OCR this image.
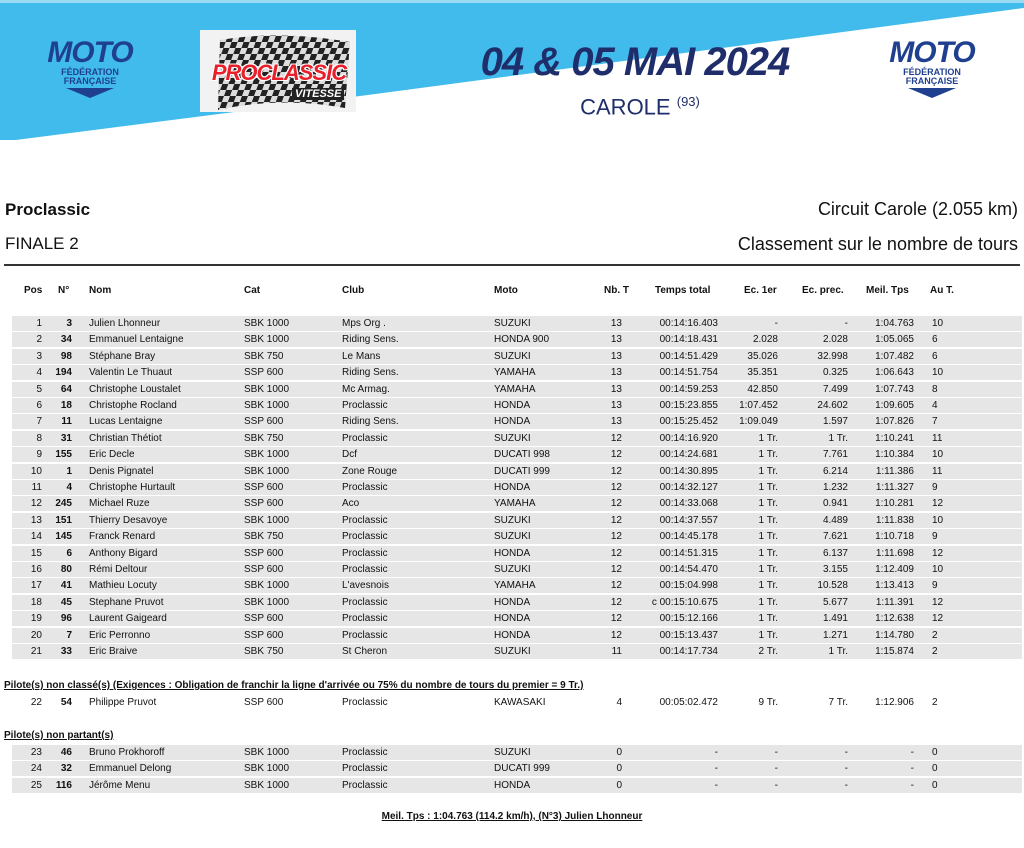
MOTO
FÉDÉRATION
FRANÇAISE	PROCLASSIC
VITESSE
04 & 05 MAI 2024
CAROLE $^{(93)}$
MOTO
FÉDÉRATION
FRANÇAISE
Proclassic
FINALE 2
Circuit Carole (2.055 km)
Classement sur le nombre de tours
Pos N° Nom	Cat	Club	Moto	Nb. T	Temps total	Ec. 1er	Ec. prec. Meil. Tps Au T.
1	3 Julien Lhonneur	SBK 1000	Mps Org .	SUZUKI	13	00:14:16.403	-	-	1:04.763 10
2	34 Emmanuel Lentaigne	SBK 1000	Riding Sens.	HONDA 900	13	00:14:18.431	2.028	2.028	1:05.065 6
3	98 Stéphane Bray	SBK 750	Le Mans	SUZUKI	13	00:14:51.429	35.026	32.998	1:07.482 6
4	194 Valentin Le Thuaut	SSP 600	Riding Sens.	YAMAHA	13	00:14:51.754	35.351	0.325	1:06.643 10
5	64 Christophe Loustalet	SBK 1000	Mc Armag.	YAMAHA	13	00:14:59.253	42.850	7.499	1:07.743 8
6	18 Christophe Rocland	SBK 1000	Proclassic	HONDA	13	00:15:23.855	1:07.452	24.602	1:09.605 4
7	11 Lucas Lentaigne	SSP 600	Riding Sens.	HONDA	13	00:15:25.452	1:09.049	1.597	1:07.826 7
8	31 Christian Thétiot	SBK 750	Proclassic	SUZUKI	12	00:14:16.920	1 Tr.	1 Tr.	1:10.241 11
9	155 Eric Decle	SBK 1000	Dcf	DUCATI 998	12	00:14:24.681	1 Tr.	7.761	1:10.384 10
10	1 Denis Pignatel	SBK 1000	Zone Rouge	DUCATI 999	12	00:14:30.895	1 Tr.	6.214	1:11.386 11
11	4 Christophe Hurtault	SSP 600	Proclassic	HONDA	12	00:14:32.127	1 Tr.	1.232	1:11.327 9
12	245 Michael Ruze	SSP 600	Aco	YAMAHA	12	00:14:33.068	1 Tr.	0.941	1:10.281 12
13	151 Thierry Desavoye	SBK 1000	Proclassic	SUZUKI	12	00:14:37.557	1 Tr.	4.489	1:11.838 10
14	145 Franck Renard	SBK 750	Proclassic	SUZUKI	12	00:14:45.178	1 Tr.	7.621	1:10.718 9
15	6 Anthony Bigard	SSP 600	Proclassic	HONDA	12	00:14:51.315	1 Tr.	6.137	1:11.698 12
16	80 Rémi Deltour	SSP 600	Proclassic	SUZUKI	12	00:14:54.470	1 Tr.	3.155	1:12.409 10
17	41 Mathieu Locuty	SBK 1000	L'avesnois	YAMAHA	12	00:15:04.998	1 Tr.	10.528	1:13.413 9
18	45 Stephane Pruvot	SBK 1000	Proclassic	HONDA	12	c 00:15:10.675	1 Tr.	5.677	1:11.391 12
19	96 Laurent Gaigeard	SSP 600	Proclassic	HONDA	12	00:15:12.166	1 Tr.	1.491	1:12.638 12
20	7 Eric Perronno	SSP 600	Proclassic	HONDA	12	00:15:13.437	1 Tr.	1.271	1:14.780 2
21	33 Eric Braive	SBK 750	St Cheron	SUZUKI	11	00:14:17.734	2 Tr.	1 Tr.	1:15.874 2
22	54 Philippe Pruvot	SSP 600	Proclassic	KAWASAKI	4	00:05:02.472	9 Tr.	7 Tr.	1:12.906 2
23	46 Bruno Prokhoroff	SBK 1000	Proclassic	SUZUKI	0	-	-	-	- 0
24	32 Emmanuel Delong	SBK 1000	Proclassic	DUCATI 999	0	-	-	-	- 0
25	116 Jérôme Menu	SBK 1000	Proclassic	HONDA	0	-	-	-	- 0
Pilote(s) non classé(s) (Exigences : Obligation de franchir la ligne d'arrivée ou 75% du nombre de tours du premier = 9 Tr.)
Pilote(s) non partant(s)
Meil. Tps : 1:04.763 (114.2 km/h), (N°3) Julien Lhonneur
